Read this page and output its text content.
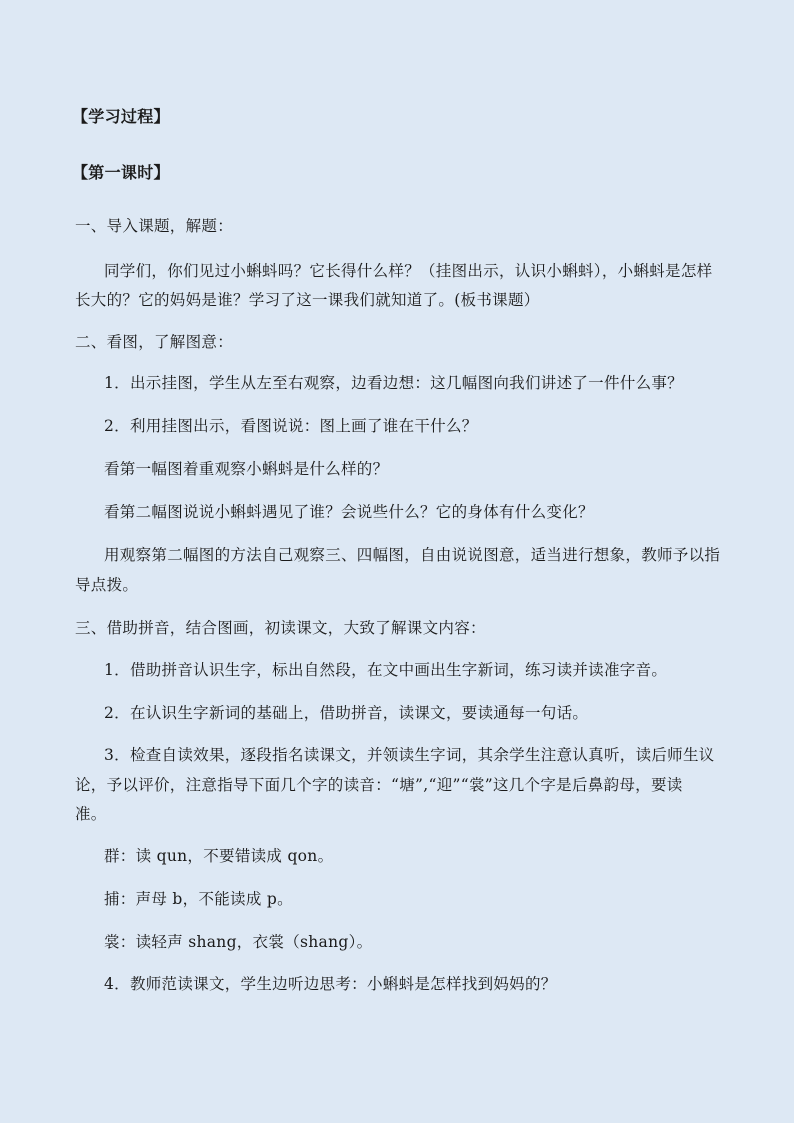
【学习过程】
【第一课时】
一、导入课题，解题：
同学们，你们见过小蝌蚪吗？它长得什么样？（挂图出示，认识小蝌蚪），小蝌蚪是怎样
长大的？它的妈妈是谁？学习了这一课我们就知道了。(板书课题）
二、看图，了解图意：
1．出示挂图，学生从左至右观察，边看边想：这几幅图向我们讲述了一件什么事？
2．利用挂图出示，看图说说：图上画了谁在干什么？
看第一幅图着重观察小蝌蚪是什么样的？
看第二幅图说说小蝌蚪遇见了谁？会说些什么？它的身体有什么变化？
用观察第二幅图的方法自己观察三、四幅图，自由说说图意，适当进行想象，教师予以指
导点拨。
三、借助拼音，结合图画，初读课文，大致了解课文内容：
1．借助拼音认识生字，标出自然段，在文中画出生字新词，练习读并读准字音。
2．在认识生字新词的基础上，借助拼音，读课文，要读通每一句话。
3．检查自读效果，逐段指名读课文，并领读生字词，其余学生注意认真听，读后师生议
论，予以评价，注意指导下面几个字的读音：“塘”,“迎”“裳”这几个字是后鼻韵母，要读
准。
群：读 qun，不要错读成 qon。
捕：声母 b，不能读成 p。
裳：读轻声 shang，衣裳（shang）。
4．教师范读课文，学生边听边思考：小蝌蚪是怎样找到妈妈的？
